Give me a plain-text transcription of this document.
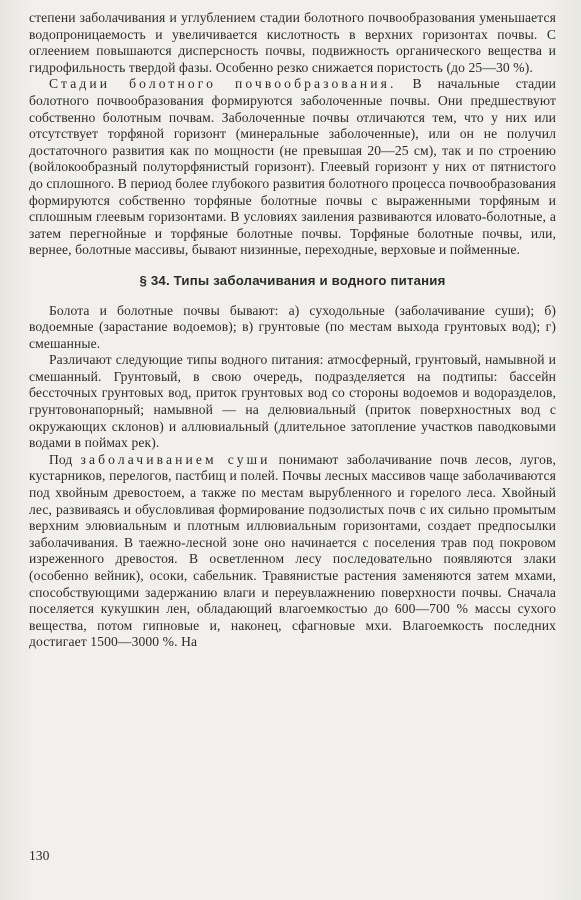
степени заболачивания и углублением стадии болотного почвообразования уменьшается водопроницаемость и увеличивается кислотность в верхних горизонтах почвы. С оглеением повышаются дисперсность почвы, подвижность органического вещества и гидрофильность твердой фазы. Особенно резко снижается пористость (до 25—30 %).

Стадии болотного почвообразования. В начальные стадии болотного почвообразования формируются заболоченные почвы. Они предшествуют собственно болотным почвам. Заболоченные почвы отличаются тем, что у них или отсутствует торфяной горизонт (минеральные заболоченные), или он не получил достаточного развития как по мощности (не превышая 20—25 см), так и по строению (войлокообразный полуторфянистый горизонт). Глеевый горизонт у них от пятнистого до сплошного. В период более глубокого развития болотного процесса почвообразования формируются собственно торфяные болотные почвы с выраженными торфяным и сплошным глеевым горизонтами. В условиях заиления развиваются иловато-болотные, а затем перегнойные и торфяные болотные почвы. Торфяные болотные почвы, или, вернее, болотные массивы, бывают низинные, переходные, верховые и пойменные.

§ 34. Типы заболачивания и водного питания

Болота и болотные почвы бывают: а) суходольные (заболачивание суши); б) водоемные (зарастание водоемов); в) грунтовые (по местам выхода грунтовых вод); г) смешанные.

Различают следующие типы водного питания: атмосферный, грунтовый, намывной и смешанный. Грунтовый, в свою очередь, подразделяется на подтипы: бассейн бессточных грунтовых вод, приток грунтовых вод со стороны водоемов и водоразделов, грунтовонапорный; намывной — на делювиальный (приток поверхностных вод с окружающих склонов) и аллювиальный (длительное затопление участков паводковыми водами в поймах рек).

Под заболачиванием суши понимают заболачивание почв лесов, лугов, кустарников, перелогов, пастбищ и полей. Почвы лесных массивов чаще заболачиваются под хвойным древостоем, а также по местам вырубленного и горелого леса. Хвойный лес, развиваясь и обусловливая формирование подзолистых почв с их сильно промытым верхним элювиальным и плотным иллювиальным горизонтами, создает предпосылки заболачивания. В таежно-лесной зоне оно начинается с поселения трав под покровом изреженного древостоя. В осветленном лесу последовательно появляются злаки (особенно вейник), осоки, сабельник. Травянистые растения заменяются затем мхами, способствующими задержанию влаги и переувлажнению поверхности почвы. Сначала поселяется кукушкин лен, обладающий влагоемкостью до 600—700 % массы сухого вещества, потом гипновые и, наконец, сфагновые мхи. Влагоемкость последних достигает 1500—3000 %. На

130
